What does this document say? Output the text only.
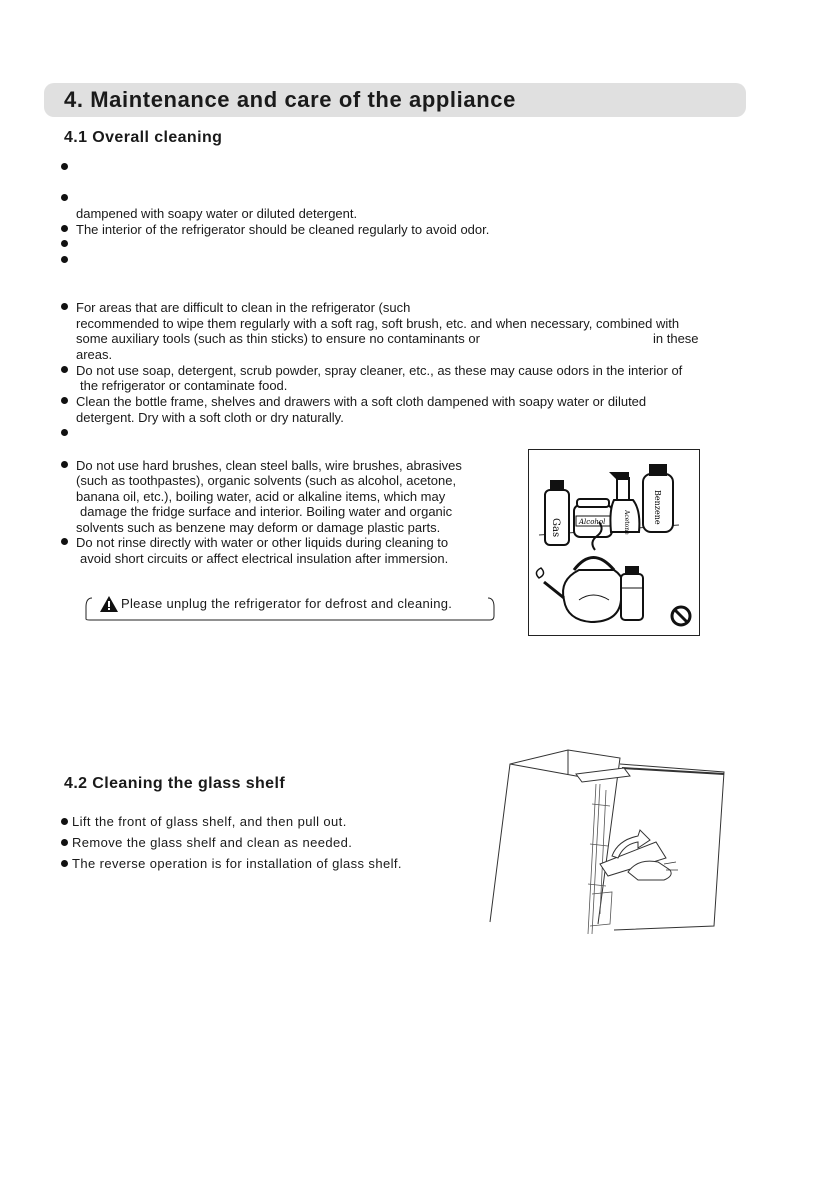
4. Maintenance and care of the appliance
4.1 Overall cleaning
dampened with soapy water or diluted detergent.
The interior of the refrigerator should be cleaned regularly to avoid odor.
For areas that are difficult to clean in the refrigerator (such
recommended to wipe them regularly with a soft rag, soft brush, etc. and when necessary, combined with
some auxiliary tools (such as thin sticks) to ensure no contaminants or	in these
areas.
Do not use soap, detergent, scrub powder, spray cleaner, etc., as these may cause odors in the interior of
the refrigerator or contaminate food.
Clean the bottle frame, shelves and drawers with a soft cloth dampened with soapy water or diluted
detergent. Dry with a soft cloth or dry naturally.
Do not use hard brushes, clean steel balls, wire brushes, abrasives
(such as toothpastes), organic solvents (such as alcohol, acetone,
banana oil, etc.), boiling water, acid or alkaline items, which may
damage the fridge surface and interior. Boiling water and organic
solvents such as benzene may deform or damage plastic parts.
Do not rinse directly with water or other liquids during cleaning to
avoid short circuits or affect electrical insulation after immersion.
Please unplug the refrigerator for defrost and cleaning.
Gas	Alcohol	Acetone	Benzene
4.2 Cleaning the glass shelf
Lift the front of glass shelf, and then pull out.
Remove the glass shelf and clean as needed.
The reverse operation is for installation of glass shelf.
